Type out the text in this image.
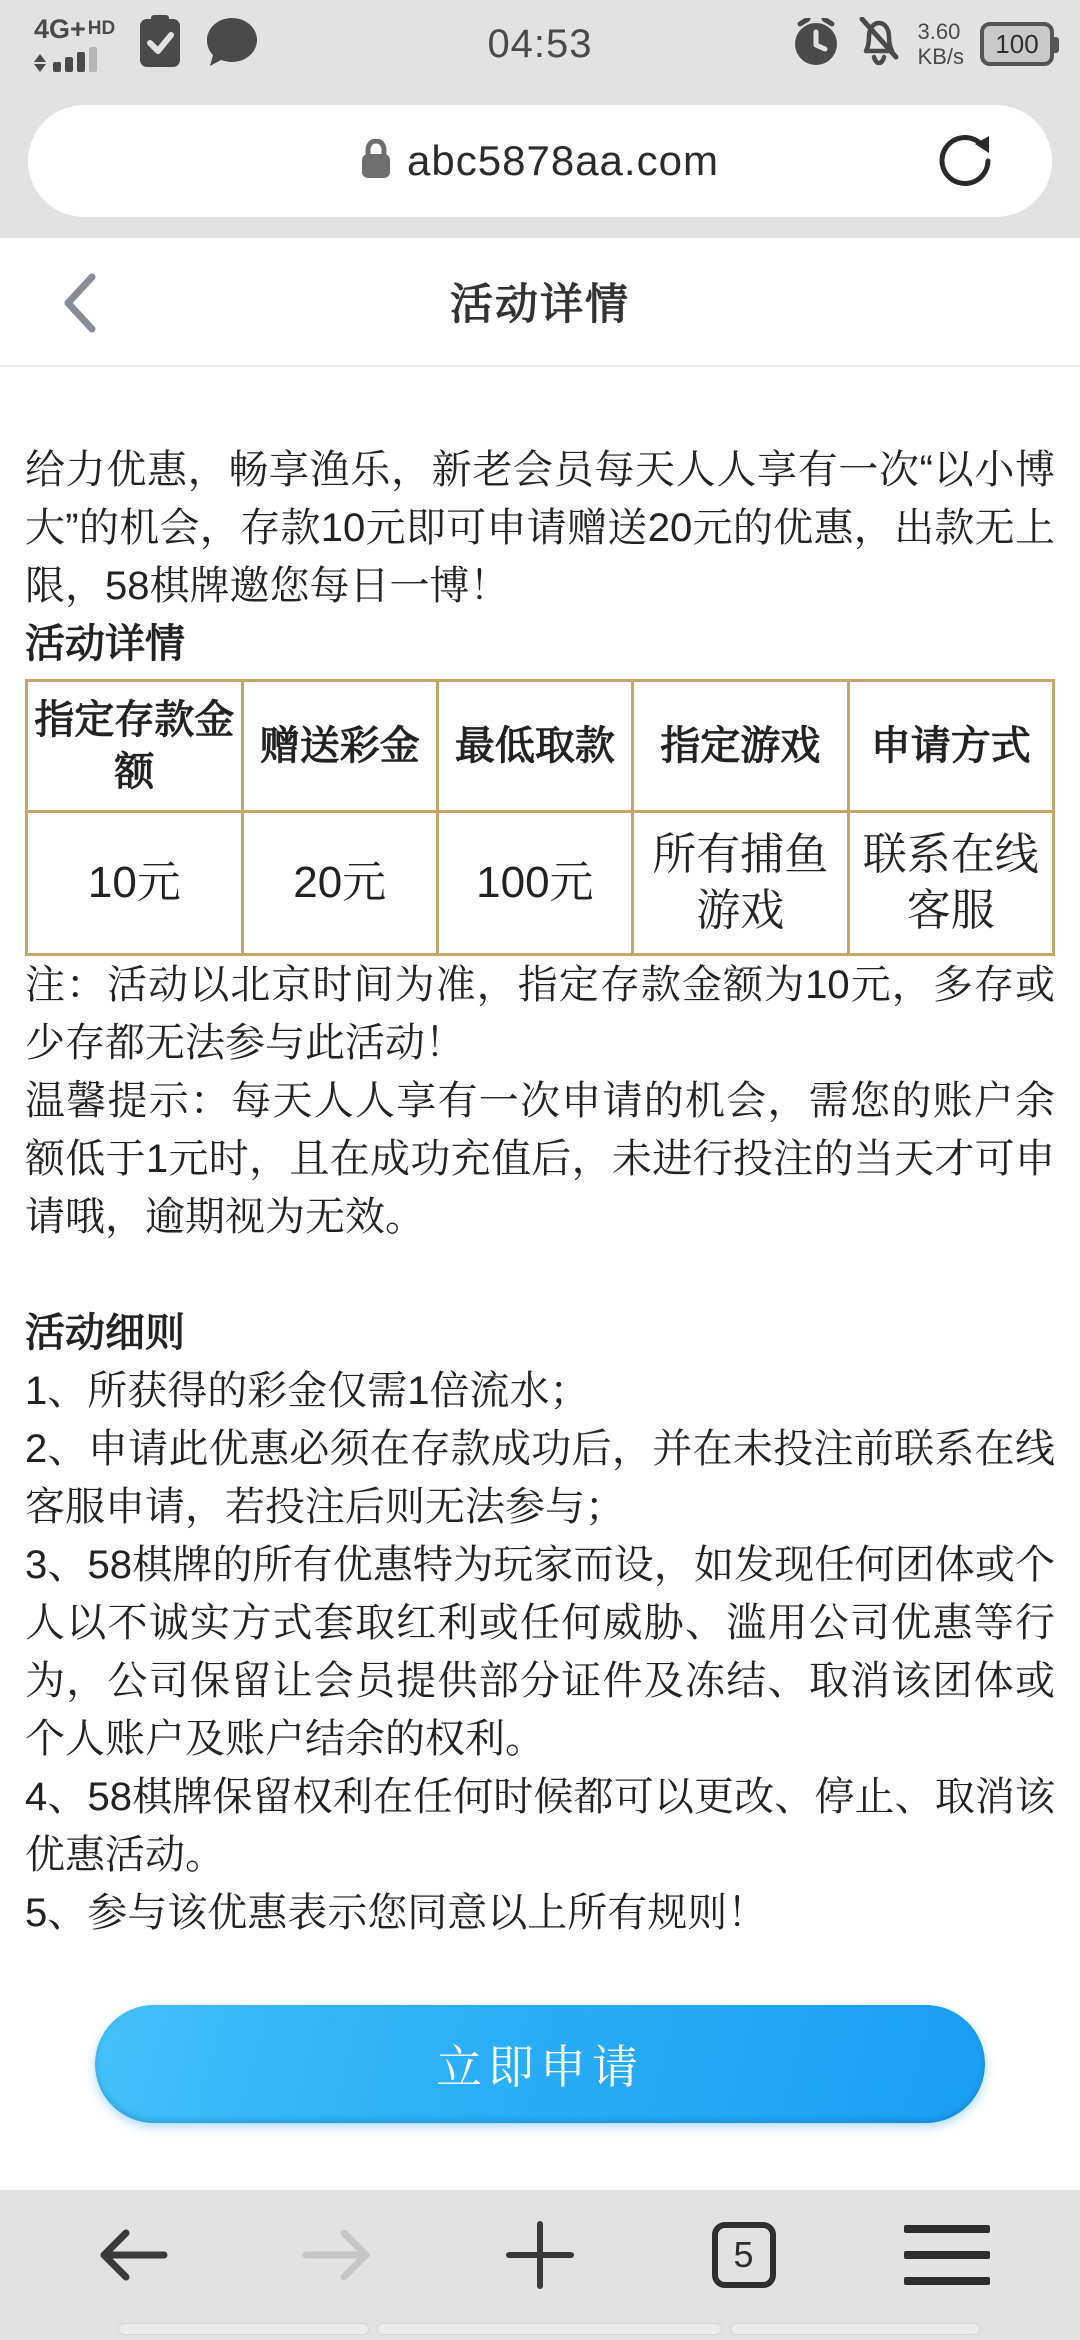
4G+ HD	04:53	3.60
KB/s 100
abc5878aa.com
活动详情

给力优惠，畅享渔乐，新老会员每天人人享有一次“以小博大”的机会，存款10元即可申请赠送20元的优惠，出款无上限，58棋牌邀您每日一博！

活动详情

指定存款金额	赠送彩金	最低取款	指定游戏	申请方式
10元	20元	100元	所有捕鱼游戏	联系在线客服

注：活动以北京时间为准，指定存款金额为10元，多存或少存都无法参与此活动！

温馨提示：每天人人享有一次申请的机会，需您的账户余额低于1元时，且在成功充值后，未进行投注的当天才可申请哦，逾期视为无效。

活动细则

1、所获得的彩金仅需1倍流水；

2、申请此优惠必须在存款成功后，并在未投注前联系在线客服申请，若投注后则无法参与；

3、58棋牌的所有优惠特为玩家而设，如发现任何团体或个人以不诚实方式套取红利或任何威胁、滥用公司优惠等行为，公司保留让会员提供部分证件及冻结、取消该团体或个人账户及账户结余的权利。

4、58棋牌保留权利在任何时候都可以更改、停止、取消该优惠活动。

5、参与该优惠表示您同意以上所有规则！

立即申请
5
